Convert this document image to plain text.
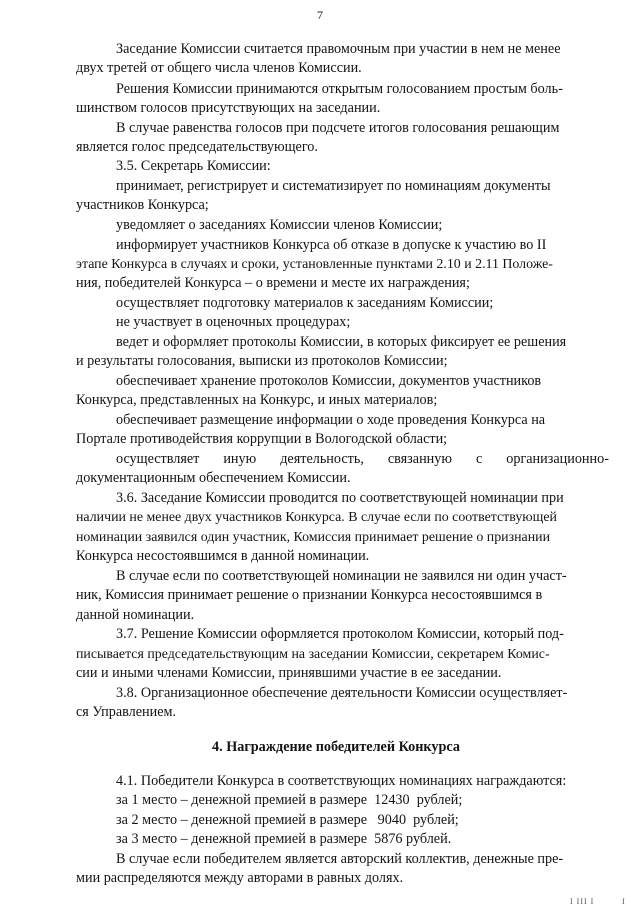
7
Заседание Комиссии считается правомочным при участии в нем не менее
двух третей от общего числа членов Комиссии.
Решения Комиссии принимаются открытым голосованием простым боль-
шинством голосов присутствующих на заседании.
В случае равенства голосов при подсчете итогов голосования решающим
является голос председательствующего.
3.5. Секретарь Комиссии:
принимает, регистрирует и систематизирует по номинациям документы
участников Конкурса;
уведомляет о заседаниях Комиссии членов Комиссии;
информирует участников Конкурса об отказе в допуске к участию во II
этапе Конкурса в случаях и сроки, установленные пунктами 2.10 и 2.11 Положе-
ния, победителей Конкурса – о времени и месте их награждения;
осуществляет подготовку материалов к заседаниям Комиссии;
не участвует в оценочных процедурах;
ведет и оформляет протоколы Комиссии, в которых фиксирует ее решения
и результаты голосования, выписки из протоколов Комиссии;
обеспечивает хранение протоколов Комиссии, документов участников
Конкурса, представленных на Конкурс, и иных материалов;
обеспечивает размещение информации о ходе проведения Конкурса на
Портале противодействия коррупции в Вологодской области;
осуществляет иную деятельность, связанную с организационно-
документационным обеспечением Комиссии.
3.6. Заседание Комиссии проводится по соответствующей номинации при
наличии не менее двух участников Конкурса. В случае если по соответствующей
номинации заявился один участник, Комиссия принимает решение о признании
Конкурса несостоявшимся в данной номинации.
В случае если по соответствующей номинации не заявился ни один участ-
ник, Комиссия принимает решение о признании Конкурса несостоявшимся в
данной номинации.
3.7. Решение Комиссии оформляется протоколом Комиссии, который под-
писывается председательствующим на заседании Комиссии, секретарем Комис-
сии и иными членами Комиссии, принявшими участие в ее заседании.
3.8. Организационное обеспечение деятельности Комиссии осуществляет-
ся Управлением.
4. Награждение победителей Конкурса
4.1. Победители Конкурса в соответствующих номинациях награждаются:
за 1 место – денежной премией в размере  12430  рублей;
за 2 место – денежной премией в размере   9040  рублей;
за 3 место – денежной премией в размере  5876 рублей.
В случае если победителем является авторский коллектив, денежные пре-
мии распределяются между авторами в равных долях.
I III I	I
